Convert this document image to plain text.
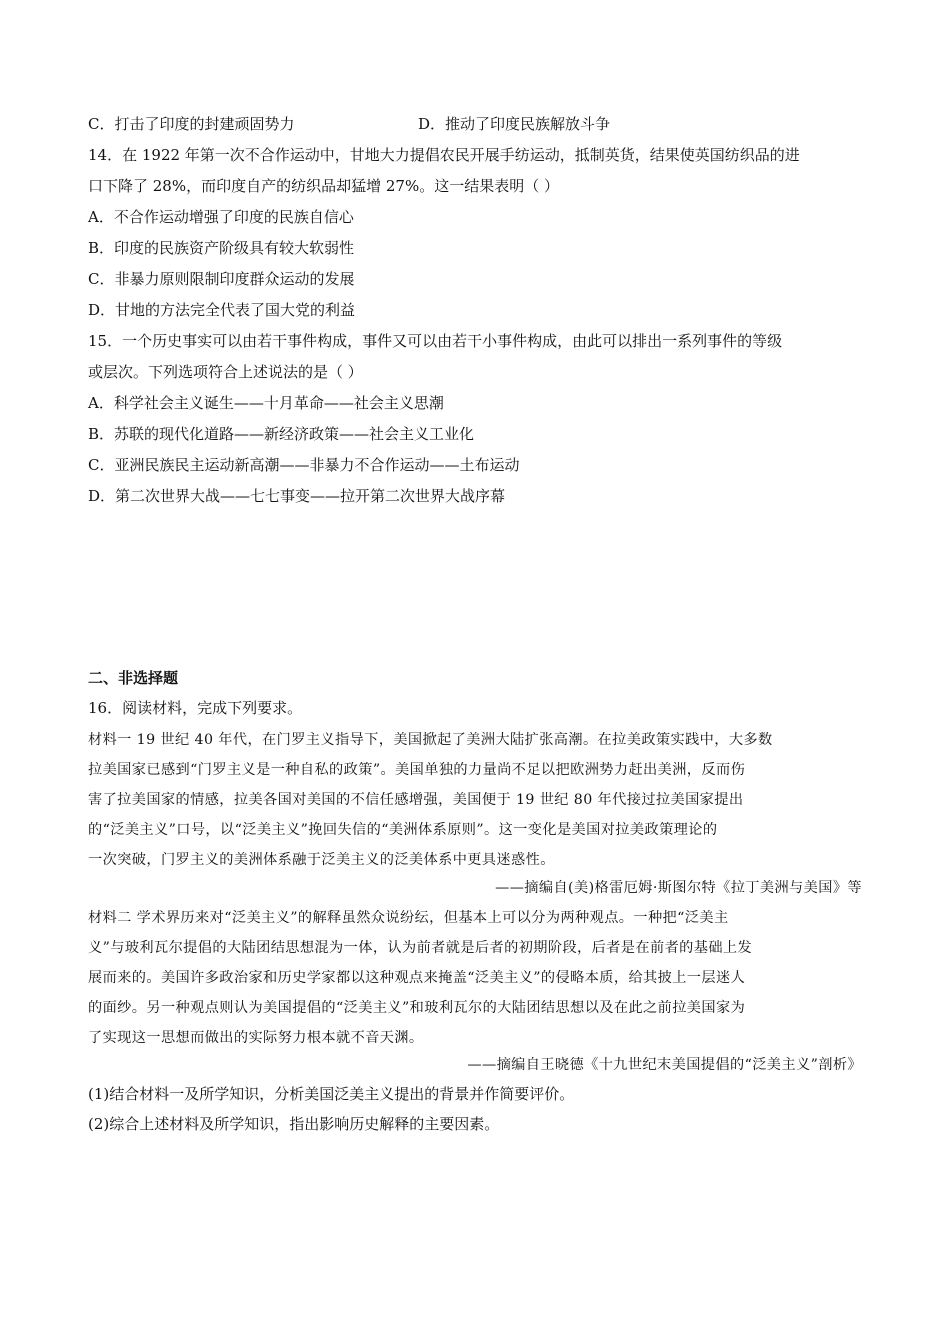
C．打击了印度的封建顽固势力	D．推动了印度民族解放斗争
14．在 1922 年第一次不合作运动中，甘地大力提倡农民开展手纺运动，抵制英货，结果使英国纺织品的进
口下降了 28%，而印度自产的纺织品却猛增 27%。这一结果表明（ ）
A．不合作运动增强了印度的民族自信心
B．印度的民族资产阶级具有较大软弱性
C．非暴力原则限制印度群众运动的发展
D．甘地的方法完全代表了国大党的利益
15．一个历史事实可以由若干事件构成，事件又可以由若干小事件构成，由此可以排出一系列事件的等级
或层次。下列选项符合上述说法的是（ ）
A．科学社会主义诞生——十月革命——社会主义思潮
B．苏联的现代化道路——新经济政策——社会主义工业化
C．亚洲民族民主运动新高潮——非暴力不合作运动——土布运动
D．第二次世界大战——七七事变——拉开第二次世界大战序幕
二、非选择题
16．阅读材料，完成下列要求。
材料一 19 世纪 40 年代，在门罗主义指导下，美国掀起了美洲大陆扩张高潮。在拉美政策实践中，大多数
拉美国家已感到“门罗主义是一种自私的政策”。美国单独的力量尚不足以把欧洲势力赶出美洲，反而伤
害了拉美国家的情感，拉美各国对美国的不信任感增强，美国便于 19 世纪 80 年代接过拉美国家提出
的“泛美主义”口号，以“泛美主义”挽回失信的“美洲体系原则”。这一变化是美国对拉美政策理论的
一次突破，门罗主义的美洲体系融于泛美主义的泛美体系中更具迷惑性。
——摘编自(美)格雷厄姆·斯图尔特《拉丁美洲与美国》等
材料二 学术界历来对“泛美主义”的解释虽然众说纷纭，但基本上可以分为两种观点。一种把“泛美主
义”与玻利瓦尔提倡的大陆团结思想混为一体，认为前者就是后者的初期阶段，后者是在前者的基础上发
展而来的。美国许多政治家和历史学家都以这种观点来掩盖“泛美主义”的侵略本质，给其披上一层迷人
的面纱。另一种观点则认为美国提倡的“泛美主义”和玻利瓦尔的大陆团结思想以及在此之前拉美国家为
了实现这一思想而做出的实际努力根本就不音天渊。
——摘编自王晓德《十九世纪末美国提倡的“泛美主义”剖析》
(1)结合材料一及所学知识，分析美国泛美主义提出的背景并作简要评价。
(2)综合上述材料及所学知识，指出影响历史解释的主要因素。
